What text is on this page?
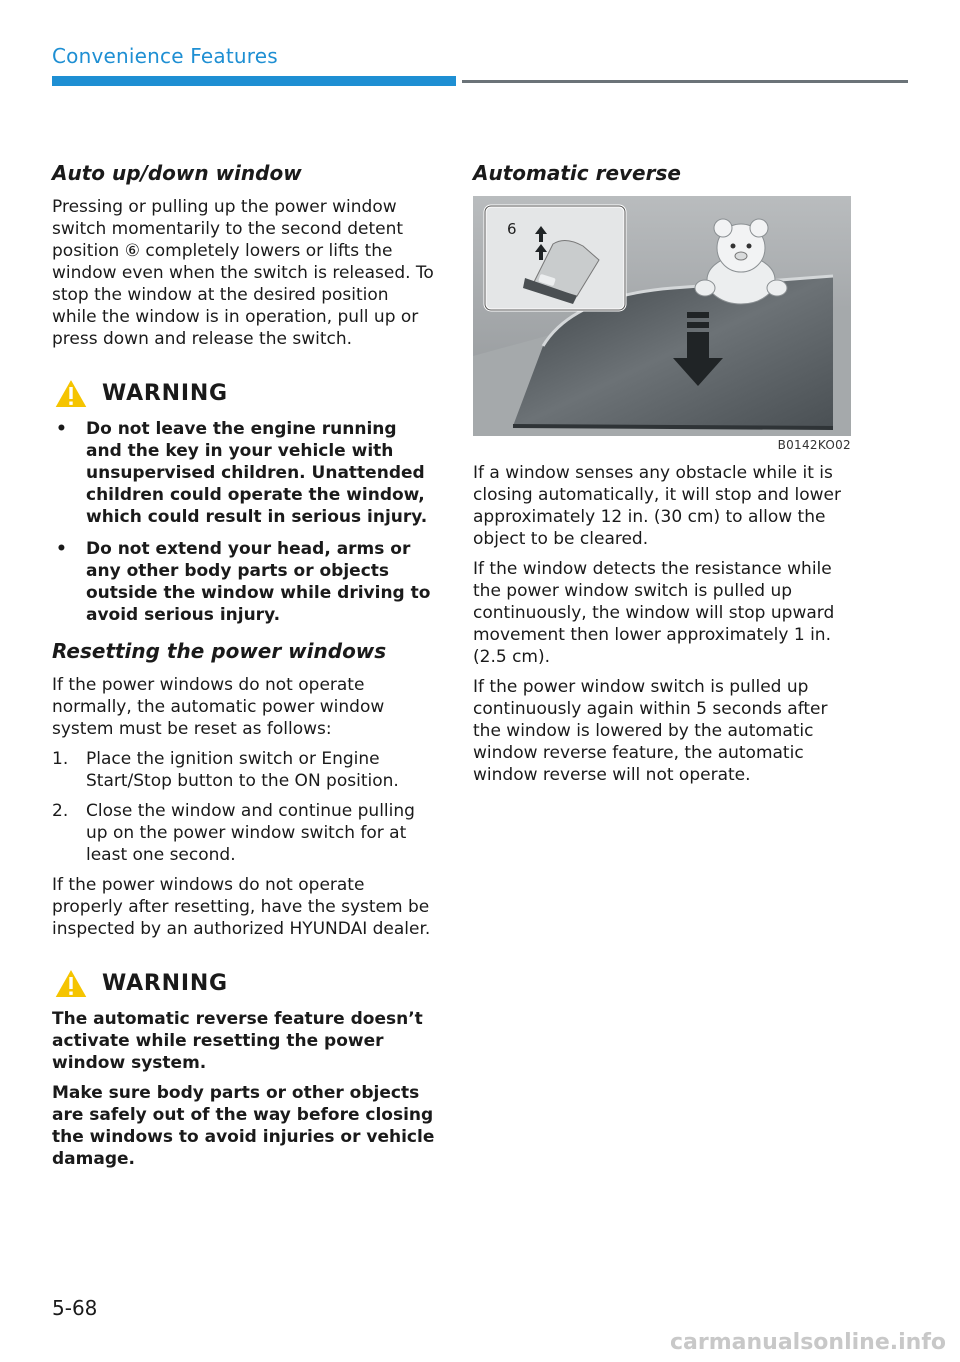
Convenience Features
Auto up/down window

Pressing or pulling up the power window switch momentarily to the second detent position ⑥ completely lowers or lifts the window even when the switch is released. To stop the window at the desired position while the window is in operation, pull up or press down and release the switch.

WARNING
• Do not leave the engine running and the key in your vehicle with unsupervised children. Unattended children could operate the window, which could result in serious injury.
• Do not extend your head, arms or any other body parts or objects outside the window while driving to avoid serious injury.
Resetting the power windows

If the power windows do not operate normally, the automatic power window system must be reset as follows:

1. Place the ignition switch or Engine Start/Stop button to the ON position.
2. Close the window and continue pulling up on the power window switch for at least one second.

If the power windows do not operate properly after resetting, have the system be inspected by an authorized HYUNDAI dealer.

WARNING

The automatic reverse feature doesn’t activate while resetting the power window system.

Make sure body parts or other objects are safely out of the way before closing the windows to avoid injuries or vehicle damage.

Automatic reverse
6
B0142KO02

If a window senses any obstacle while it is closing automatically, it will stop and lower approximately 12 in. (30 cm) to allow the object to be cleared.

If the window detects the resistance while the power window switch is pulled up continuously, the window will stop upward movement then lower approximately 1 in. (2.5 cm).

If the power window switch is pulled up continuously again within 5 seconds after the window is lowered by the automatic window reverse feature, the automatic window reverse will not operate.

5-68
carmanualsonline.info
